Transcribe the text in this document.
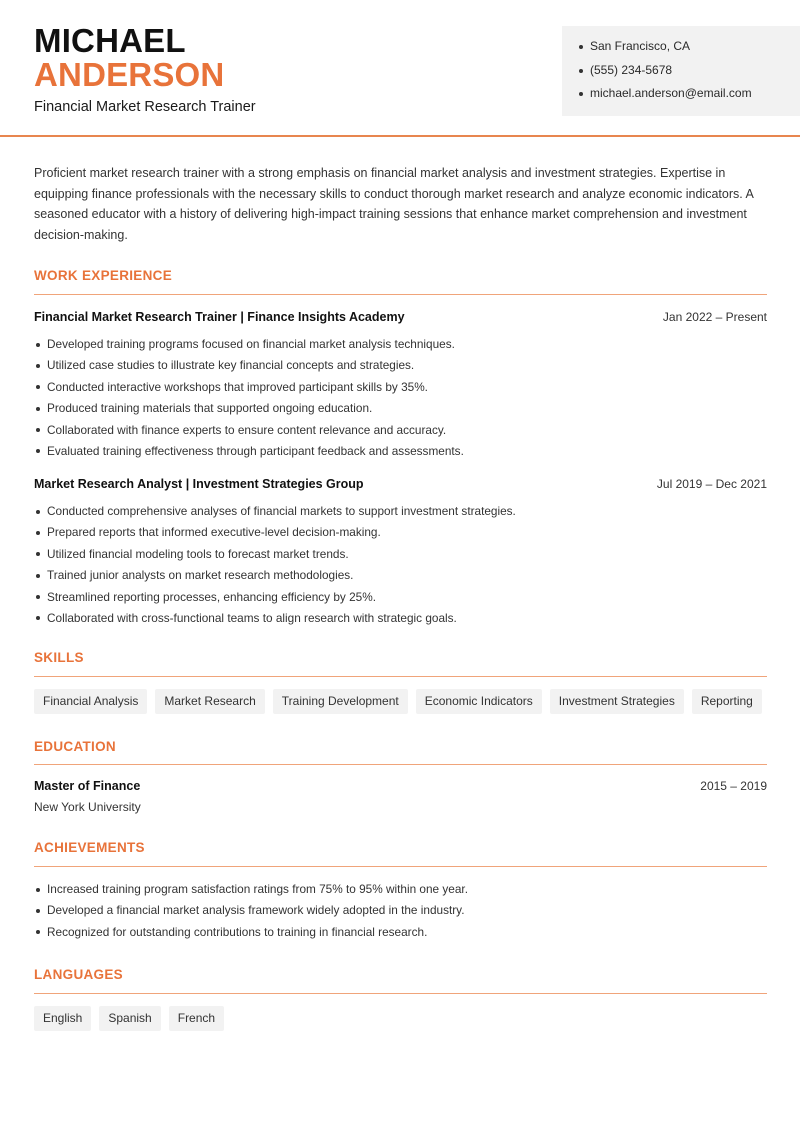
MICHAEL
ANDERSON
Financial Market Research Trainer
San Francisco, CA
(555) 234-5678
michael.anderson@email.com
Proficient market research trainer with a strong emphasis on financial market analysis and investment strategies. Expertise in equipping finance professionals with the necessary skills to conduct thorough market research and analyze economic indicators. A seasoned educator with a history of delivering high-impact training sessions that enhance market comprehension and investment decision-making.
WORK EXPERIENCE
Financial Market Research Trainer | Finance Insights Academy	Jan 2022 – Present
Developed training programs focused on financial market analysis techniques.
Utilized case studies to illustrate key financial concepts and strategies.
Conducted interactive workshops that improved participant skills by 35%.
Produced training materials that supported ongoing education.
Collaborated with finance experts to ensure content relevance and accuracy.
Evaluated training effectiveness through participant feedback and assessments.
Market Research Analyst | Investment Strategies Group	Jul 2019 – Dec 2021
Conducted comprehensive analyses of financial markets to support investment strategies.
Prepared reports that informed executive-level decision-making.
Utilized financial modeling tools to forecast market trends.
Trained junior analysts on market research methodologies.
Streamlined reporting processes, enhancing efficiency by 25%.
Collaborated with cross-functional teams to align research with strategic goals.
SKILLS
Financial Analysis	Market Research	Training Development	Economic Indicators	Investment Strategies	Reporting
EDUCATION
Master of Finance	2015 – 2019
New York University
ACHIEVEMENTS
Increased training program satisfaction ratings from 75% to 95% within one year.
Developed a financial market analysis framework widely adopted in the industry.
Recognized for outstanding contributions to training in financial research.
LANGUAGES
English	Spanish	French
